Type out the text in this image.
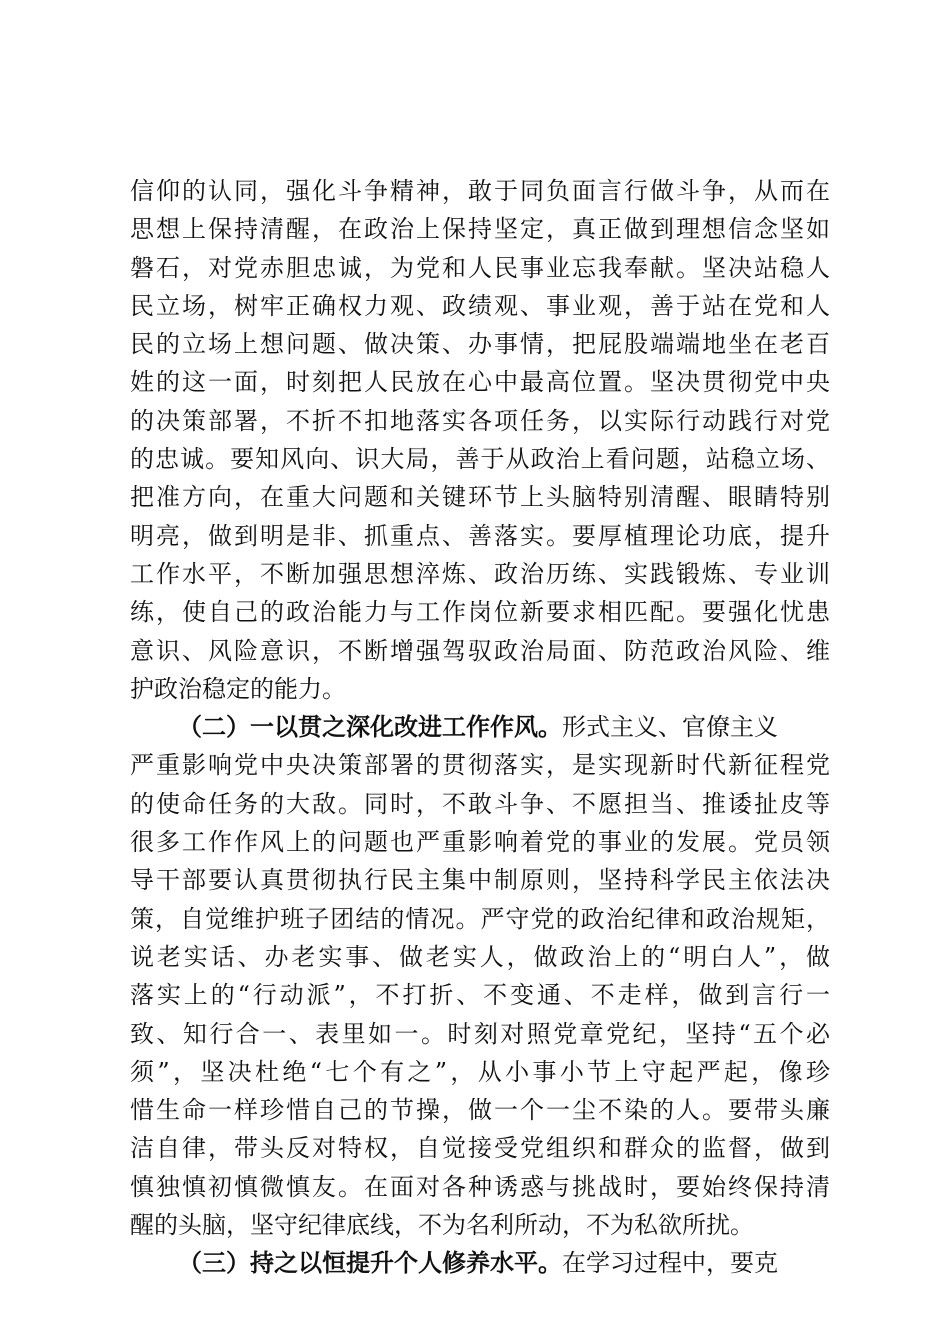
信仰的认同，强化斗争精神，敢于同负面言行做斗争，从而在
思想上保持清醒，在政治上保持坚定，真正做到理想信念坚如
磐石，对党赤胆忠诚，为党和人民事业忘我奉献。坚决站稳人
民立场，树牢正确权力观、政绩观、事业观，善于站在党和人
民的立场上想问题、做决策、办事情，把屁股端端地坐在老百
姓的这一面，时刻把人民放在心中最高位置。坚决贯彻党中央
的决策部署，不折不扣地落实各项任务，以实际行动践行对党
的忠诚。要知风向、识大局，善于从政治上看问题，站稳立场、
把准方向，在重大问题和关键环节上头脑特别清醒、眼睛特别
明亮，做到明是非、抓重点、善落实。要厚植理论功底，提升
工作水平，不断加强思想淬炼、政治历练、实践锻炼、专业训
练，使自己的政治能力与工作岗位新要求相匹配。要强化忧患
意识、风险意识，不断增强驾驭政治局面、防范政治风险、维
护政治稳定的能力。
（二）一以贯之深化改进工作作风。形式主义、官僚主义
严重影响党中央决策部署的贯彻落实，是实现新时代新征程党
的使命任务的大敌。同时，不敢斗争、不愿担当、推诿扯皮等
很多工作作风上的问题也严重影响着党的事业的发展。党员领
导干部要认真贯彻执行民主集中制原则，坚持科学民主依法决
策，自觉维护班子团结的情况。严守党的政治纪律和政治规矩，
说老实话、办老实事、做老实人，做政治上的“明白人”，做
落实上的“行动派”，不打折、不变通、不走样，做到言行一
致、知行合一、表里如一。时刻对照党章党纪，坚持“五个必
须”，坚决杜绝“七个有之”，从小事小节上守起严起，像珍
惜生命一样珍惜自己的节操，做一个一尘不染的人。要带头廉
洁自律，带头反对特权，自觉接受党组织和群众的监督，做到
慎独慎初慎微慎友。在面对各种诱惑与挑战时，要始终保持清
醒的头脑，坚守纪律底线，不为名利所动，不为私欲所扰。
（三）持之以恒提升个人修养水平。在学习过程中，要克
